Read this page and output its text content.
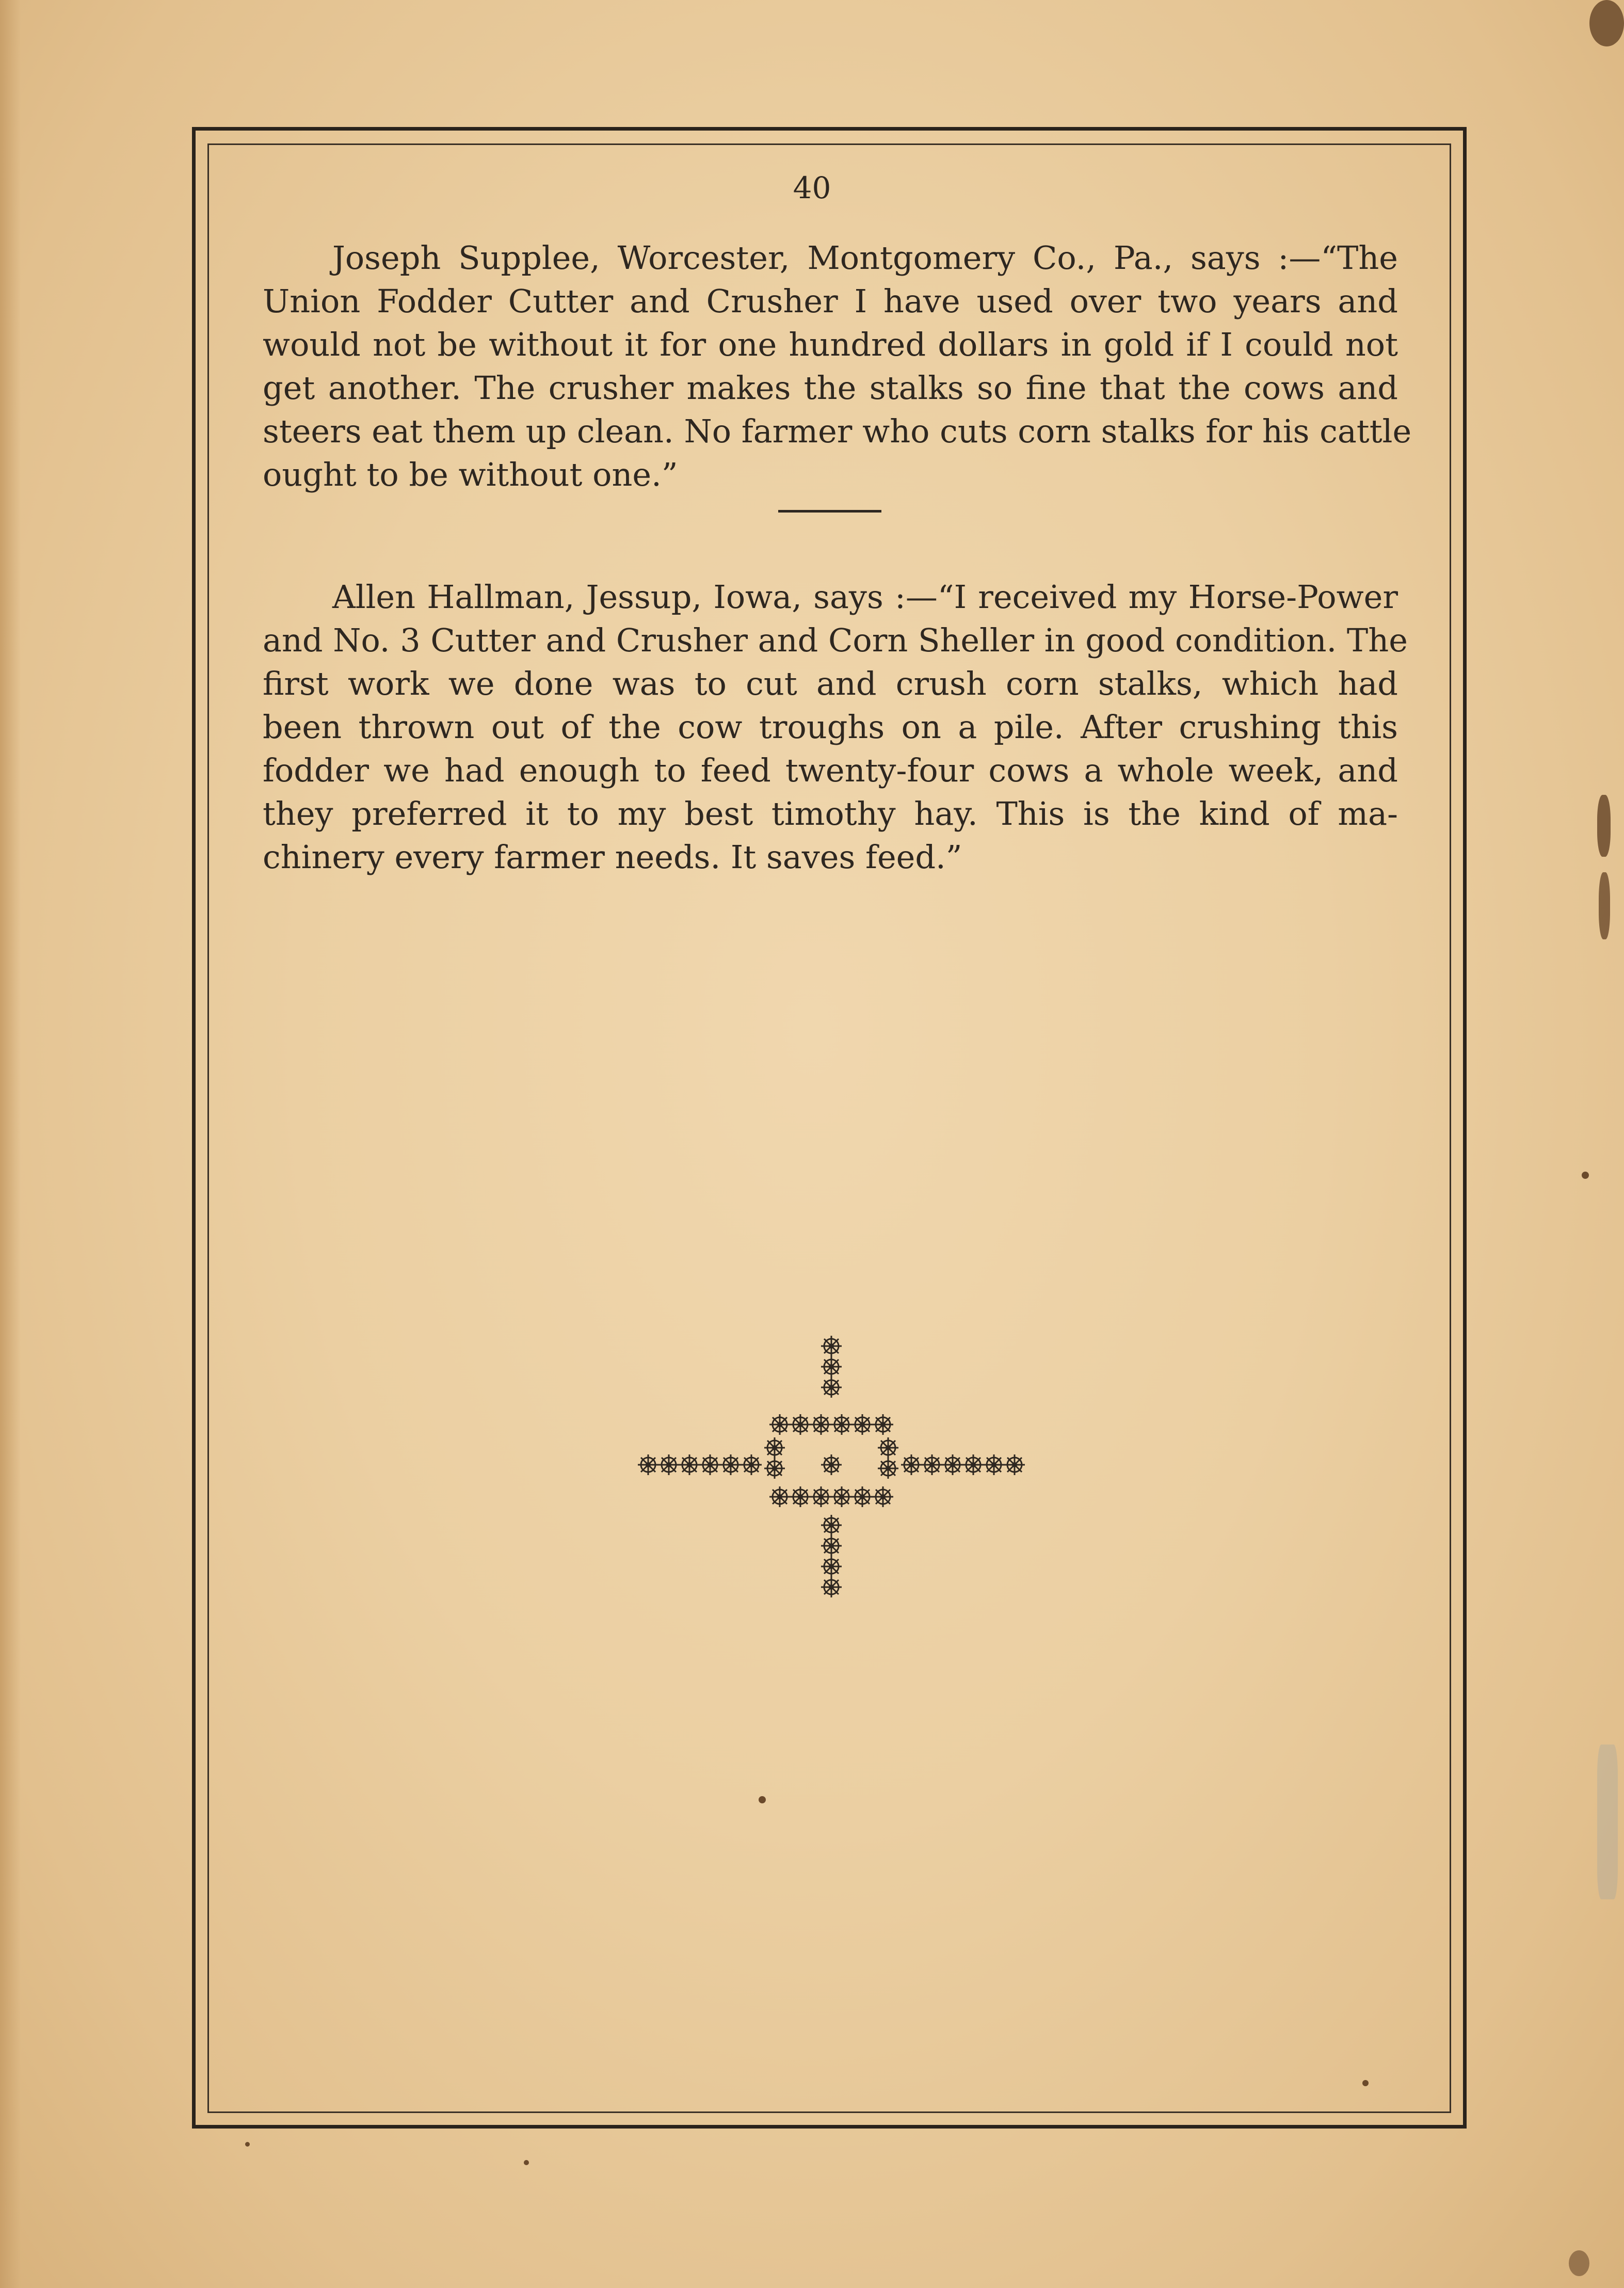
40
Joseph Supplee, Worcester, Montgomery Co., Pa., says :—“The
Union Fodder Cutter and Crusher I have used over two years and
would not be without it for one hundred dollars in gold if I could not
get another. The crusher makes the stalks so fine that the cows and
steers eat them up clean. No farmer who cuts corn stalks for his cattle
ought to be without one.”
Allen Hallman, Jessup, Iowa, says :—“I received my Horse-Power
and No. 3 Cutter and Crusher and Corn Sheller in good condition. The
first work we done was to cut and crush corn stalks, which had
been thrown out of the cow troughs on a pile. After crushing this
fodder we had enough to feed twenty-four cows a whole week, and
they preferred it to my best timothy hay. This is the kind of ma-
chinery every farmer needs. It saves feed.”
